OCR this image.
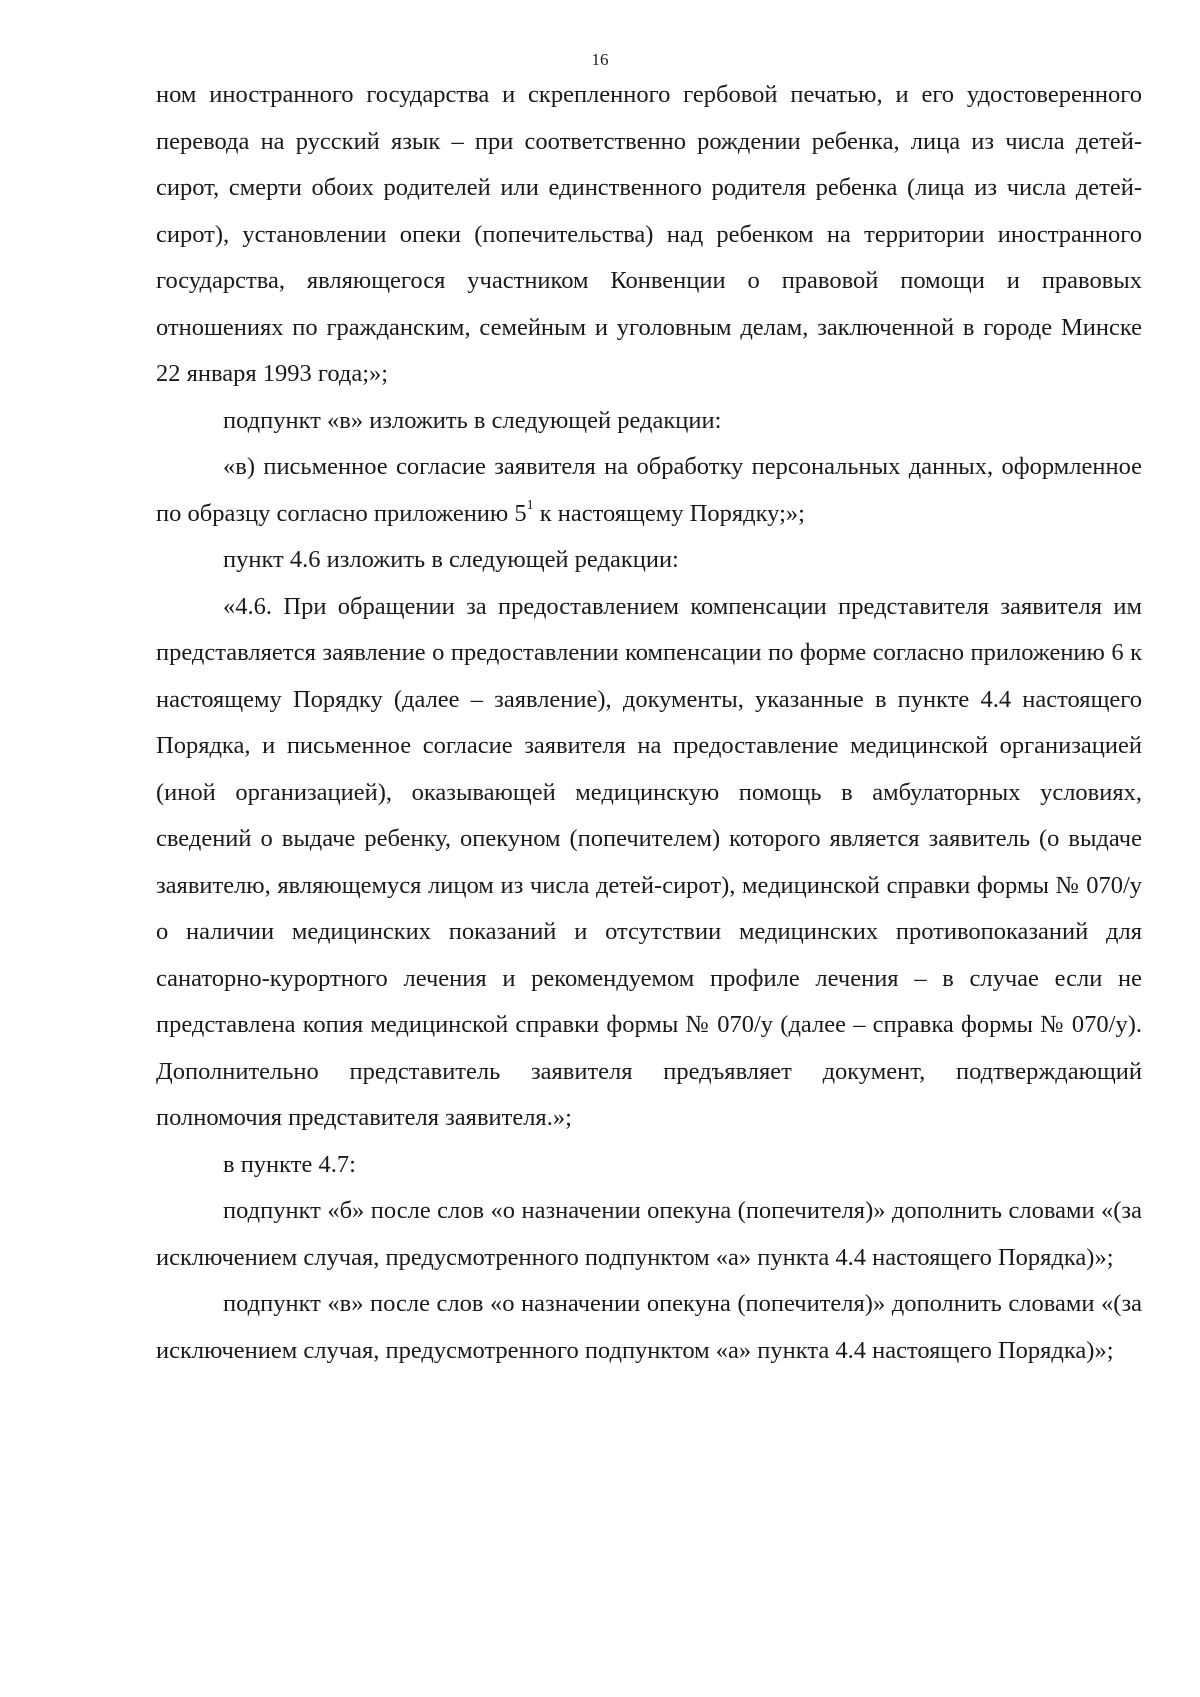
16

ном иностранного государства и скрепленного гербовой печатью, и его удостоверенного перевода на русский язык – при соответственно рождении ребенка, лица из числа детей-сирот, смерти обоих родителей или единственного родителя ребенка (лица из числа детей-сирот), установлении опеки (попечительства) над ребенком на территории иностранного государства, являющегося участником Конвенции о правовой помощи и правовых отношениях по гражданским, семейным и уголовным делам, заключенной в городе Минске 22 января 1993 года;»;

подпункт «в» изложить в следующей редакции:

«в) письменное согласие заявителя на обработку персональных данных, оформленное по образцу согласно приложению $5^1$ к настоящему Порядку;»;

пункт 4.6 изложить в следующей редакции:

«4.6. При обращении за предоставлением компенсации представителя заявителя им представляется заявление о предоставлении компенсации по форме согласно приложению 6 к настоящему Порядку (далее – заявление), документы, указанные в пункте 4.4 настоящего Порядка, и письменное согласие заявителя на предоставление медицинской организацией (иной организацией), оказывающей медицинскую помощь в амбулаторных условиях, сведений о выдаче ребенку, опекуном (попечителем) которого является заявитель (о выдаче заявителю, являющемуся лицом из числа детей-сирот), медицинской справки формы № 070/у о наличии медицинских показаний и отсутствии медицинских противопоказаний для санаторно-курортного лечения и рекомендуемом профиле лечения – в случае если не представлена копия медицинской справки формы № 070/у (далее – справка формы № 070/у). Дополнительно представитель заявителя предъявляет документ, подтверждающий полномочия представителя заявителя.»;

в пункте 4.7:

подпункт «б» после слов «о назначении опекуна (попечителя)» дополнить словами «(за исключением случая, предусмотренного подпунктом «а» пункта 4.4 настоящего Порядка)»;

подпункт «в» после слов «о назначении опекуна (попечителя)» дополнить словами «(за исключением случая, предусмотренного подпунктом «а» пункта 4.4 настоящего Порядка)»;
